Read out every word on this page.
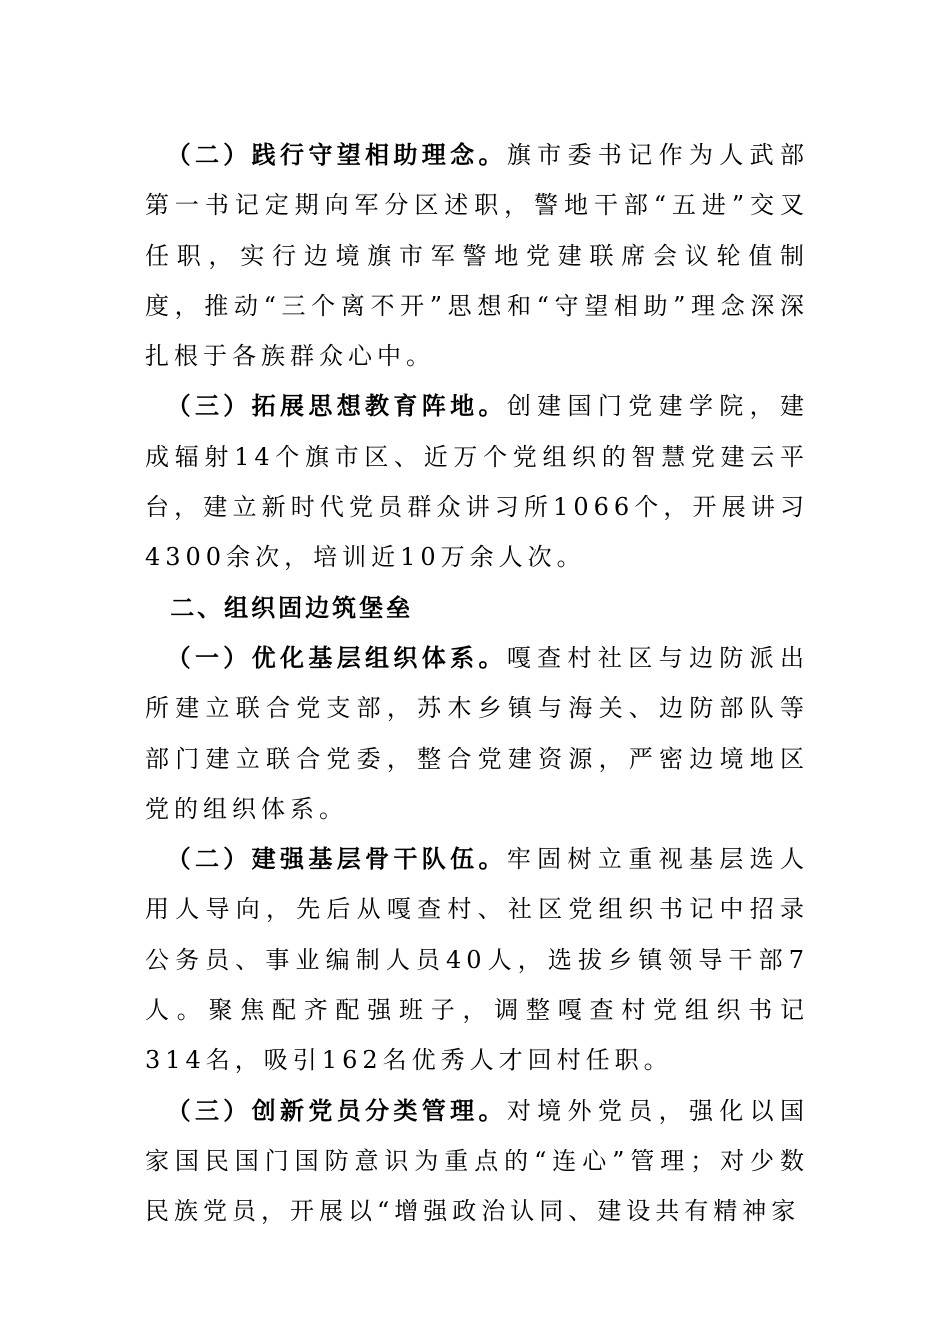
（二）践行守望相助理念。旗市委书记作为人武部第一书记定期向军分区述职，警地干部“五进”交叉任职，实行边境旗市军警地党建联席会议轮值制度，推动“三个离不开”思想和“守望相助”理念深深扎根于各族群众心中。

（三）拓展思想教育阵地。创建国门党建学院，建成辐射14个旗市区、近万个党组织的智慧党建云平台，建立新时代党员群众讲习所1066个，开展讲习4300余次，培训近10万余人次。

二、组织固边筑堡垒

（一）优化基层组织体系。嘎查村社区与边防派出所建立联合党支部，苏木乡镇与海关、边防部队等部门建立联合党委，整合党建资源，严密边境地区党的组织体系。

（二）建强基层骨干队伍。牢固树立重视基层选人用人导向，先后从嘎查村、社区党组织书记中招录公务员、事业编制人员40人，选拔乡镇领导干部7人。聚焦配齐配强班子，调整嘎查村党组织书记314名，吸引162名优秀人才回村任职。

（三）创新党员分类管理。对境外党员，强化以国家国民国门国防意识为重点的“连心”管理；对少数民族党员，开展以“增强政治认同、建设共有精神家
